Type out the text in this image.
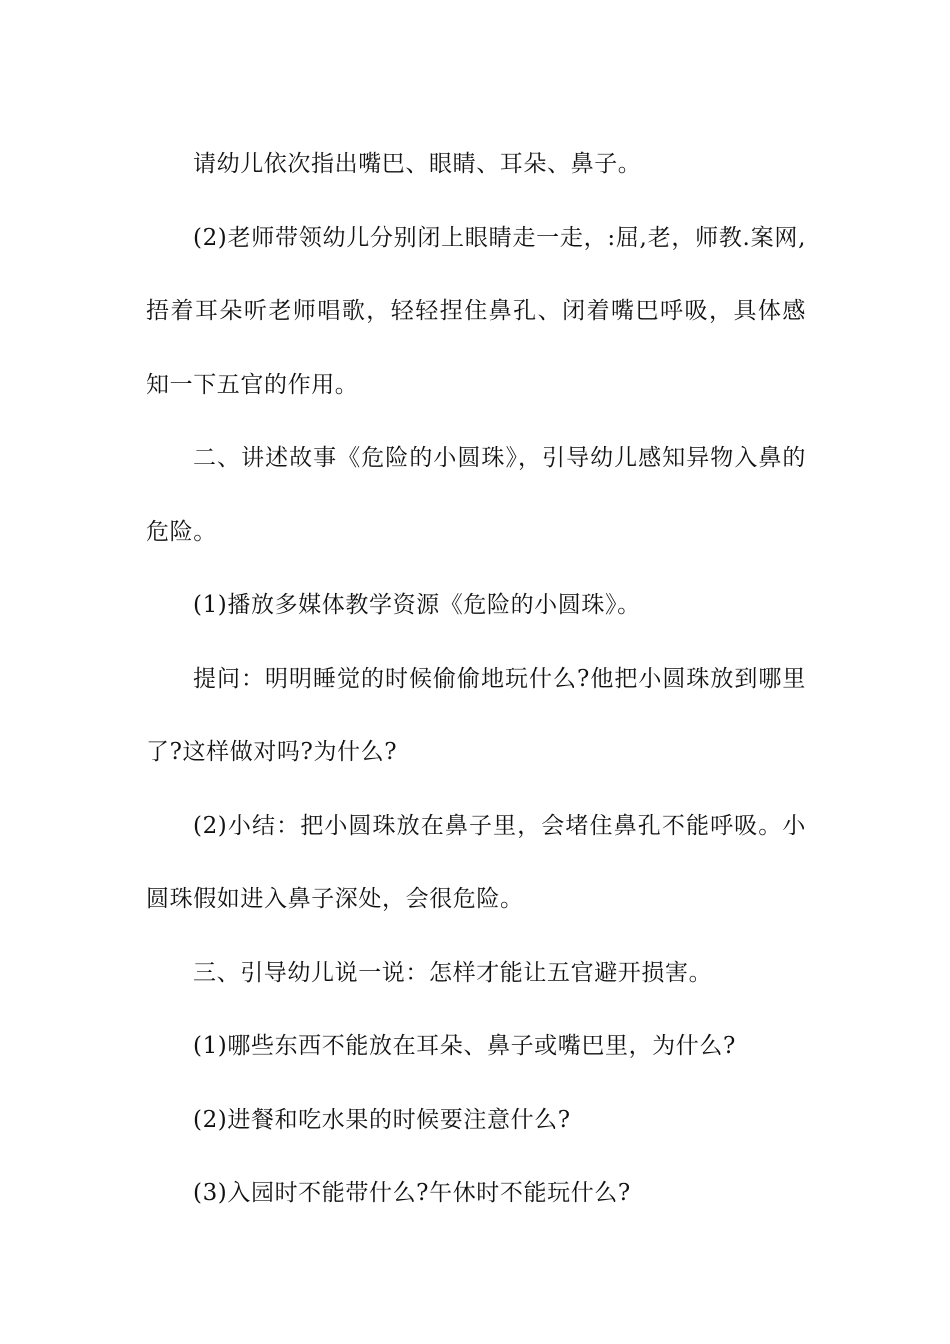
请幼儿依次指出嘴巴、眼睛、耳朵、鼻子。

(2)老师带领幼儿分别闭上眼睛走一走，:屈,老，师教.案网,捂着耳朵听老师唱歌，轻轻捏住鼻孔、闭着嘴巴呼吸，具体感知一下五官的作用。

二、讲述故事《危险的小圆珠》，引导幼儿感知异物入鼻的危险。

(1)播放多媒体教学资源《危险的小圆珠》。

提问：明明睡觉的时候偷偷地玩什么?他把小圆珠放到哪里了?这样做对吗?为什么?

(2)小结：把小圆珠放在鼻子里，会堵住鼻孔不能呼吸。小圆珠假如进入鼻子深处，会很危险。

三、引导幼儿说一说：怎样才能让五官避开损害。

(1)哪些东西不能放在耳朵、鼻子或嘴巴里，为什么?

(2)进餐和吃水果的时候要注意什么?

(3)入园时不能带什么?午休时不能玩什么?
